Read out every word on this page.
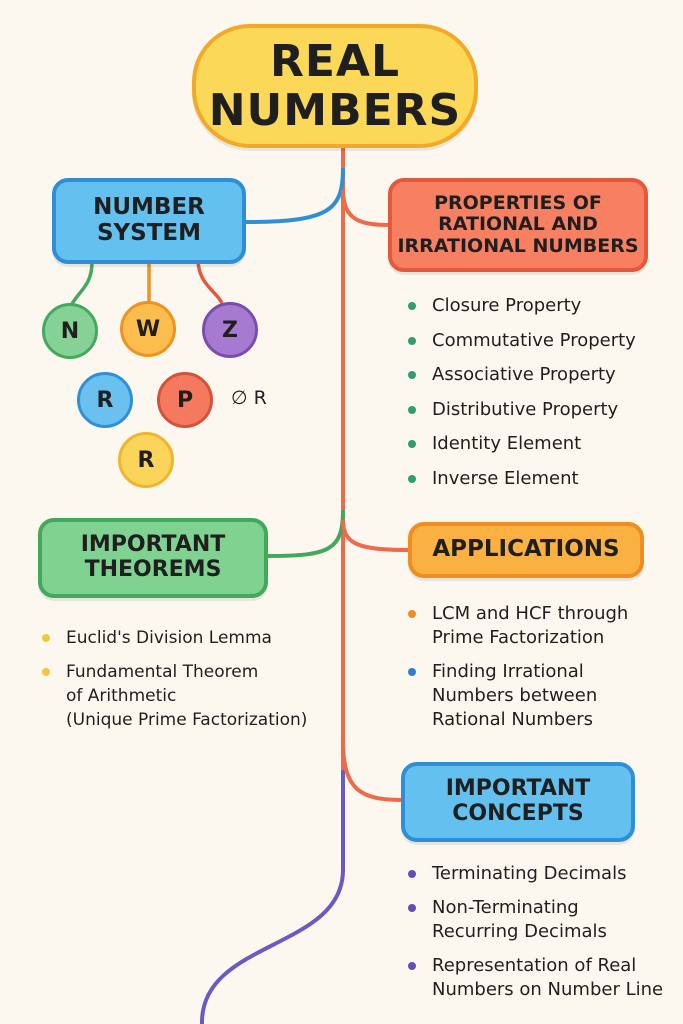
REAL
NUMBERS
NUMBER
SYSTEM
N	W	Z
R	P
R
∅ R
PROPERTIES OF
RATIONAL AND
IRRATIONAL NUMBERS
Closure Property
Commutative Property
Associative Property
Distributive Property
Identity Element
Inverse Element
IMPORTANT
THEOREMS
Euclid's Division Lemma
Fundamental Theorem
of Arithmetic
(Unique Prime Factorization)
APPLICATIONS
LCM and HCF through
Prime Factorization
Finding Irrational
Numbers between
Rational Numbers
IMPORTANT
CONCEPTS
Terminating Decimals
Non-Terminating
Recurring Decimals
Representation of Real
Numbers on Number Line
